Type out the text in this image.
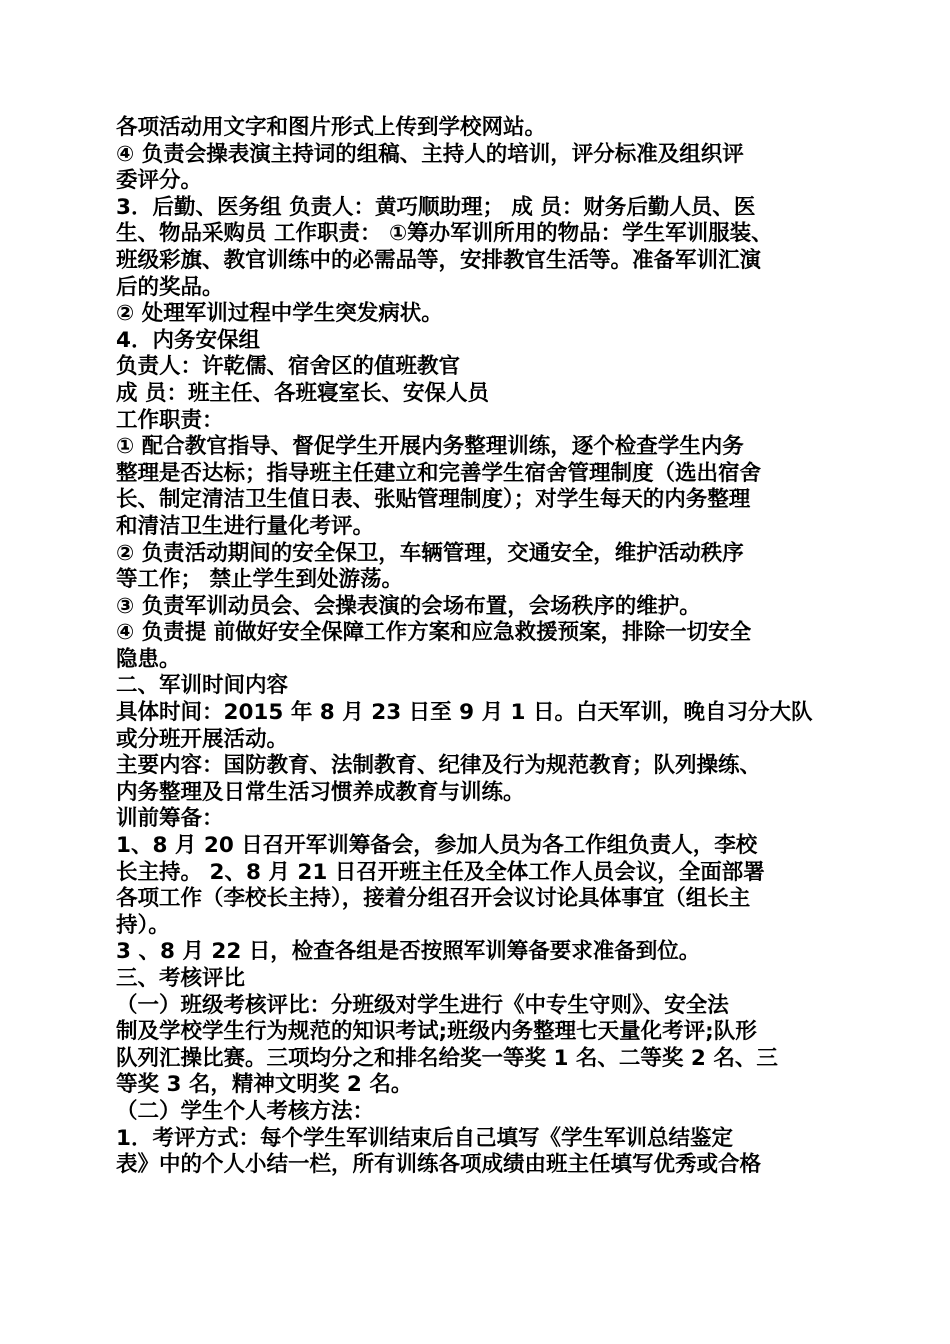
各项活动用文字和图片形式上传到学校网站。
④ 负责会操表演主持词的组稿、主持人的培训，评分标准及组织评
委评分。
3．后勤、医务组 负责人：黄巧顺助理； 成 员：财务后勤人员、医
生、物品采购员 工作职责： ①筹办军训所用的物品：学生军训服装、
班级彩旗、教官训练中的必需品等，安排教官生活等。准备军训汇演
后的奖品。
② 处理军训过程中学生突发病状。
4．内务安保组
负责人：许乾儒、宿舍区的值班教官
成 员：班主任、各班寝室长、安保人员
工作职责：
① 配合教官指导、督促学生开展内务整理训练，逐个检查学生内务
整理是否达标；指导班主任建立和完善学生宿舍管理制度（选出宿舍
长、制定清洁卫生值日表、张贴管理制度）；对学生每天的内务整理
和清洁卫生进行量化考评。
② 负责活动期间的安全保卫，车辆管理，交通安全，维护活动秩序
等工作； 禁止学生到处游荡。
③ 负责军训动员会、会操表演的会场布置，会场秩序的维护。
④ 负责提 前做好安全保障工作方案和应急救援预案，排除一切安全
隐患。
二、军训时间内容
具体时间：2015 年 8 月 23 日至 9 月 1 日。白天军训，晚自习分大队
或分班开展活动。
主要内容：国防教育、法制教育、纪律及行为规范教育；队列操练、
内务整理及日常生活习惯养成教育与训练。
训前筹备：
1、8 月 20 日召开军训筹备会，参加人员为各工作组负责人，李校
长主持。 2、8 月 21 日召开班主任及全体工作人员会议，全面部署
各项工作（李校长主持），接着分组召开会议讨论具体事宜（组长主
持）。
3 、8 月 22 日，检查各组是否按照军训筹备要求准备到位。
三、考核评比
（一）班级考核评比：分班级对学生进行《中专生守则》、安全法
制及学校学生行为规范的知识考试;班级内务整理七天量化考评;队形
队列汇操比赛。三项均分之和排名给奖一等奖 1 名、二等奖 2 名、三
等奖 3 名，精神文明奖 2 名。
（二）学生个人考核方法：
1．考评方式：每个学生军训结束后自己填写《学生军训总结鉴定
表》中的个人小结一栏，所有训练各项成绩由班主任填写优秀或合格
